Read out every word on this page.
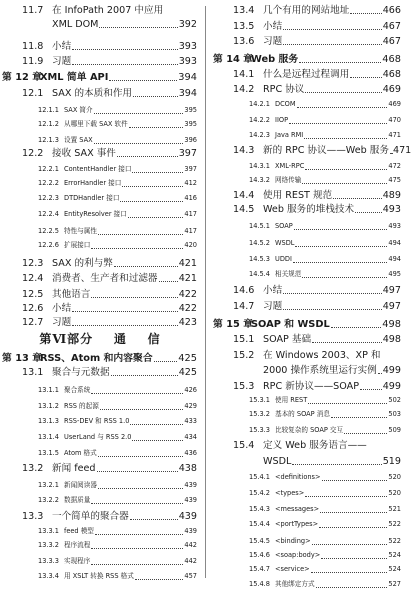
11.7 在 InfoPath 2007 中应用
XML DOM	392
11.8 小结	393
11.9 习题	393
第 12 章
XML 简单 API	394
12.1 SAX 的本质和作用	394
12.1.1 SAX 简介	395
12.1.2 从哪里下载 SAX 软件	395
12.1.3 设置 SAX	396
12.2 接收 SAX 事件	397
12.2.1 ContentHandler 接口	397
12.2.2 ErrorHandler 接口	412
12.2.3 DTDHandler 接口	416
12.2.4 EntityResolver 接口	417
12.2.5 特性与属性	417
12.2.6 扩展接口	420
12.3 SAX 的利与弊	421
12.4 消费者、生产者和过滤器 421
12.5 其他语言	422
12.6 小结	422
12.7 习题	423
第Ⅵ部分    通    信
第 13 章
RSS、Atom 和内容聚合	425
13.1 聚合与元数据	425
13.1.1 聚合系统	426
13.1.2 RSS 的起源	429
13.1.3 RSS-DEV 和 RSS 1.0	433
13.1.4 UserLand 与 RSS 2.0	434
13.1.5 Atom 格式	436
13.2 新闻 feed	438
13.2.1 新闻阅读器	439
13.2.2 数据质量	439
13.3 一个简单的聚合器	439
13.3.1 feed 模型	439
13.3.2 程序流程	442
13.3.3 实现程序	442
13.3.4 用 XSLT 转换 RSS 格式	457
13.4 几个有用的网站地址	466
13.5 小结	467
13.6 习题	467
第 14 章
Web 服务	468
14.1 什么是远程过程调用	468
14.2 RPC 协议	469
14.2.1 DCOM	469
14.2.2 IIOP	470
14.2.3 Java RMI	471
14.3 新的 RPC 协议——Web 服务 471
14.3.1 XML-RPC	472
14.3.2 网络传输	475
14.4 使用 REST 规范	489
14.5 Web 服务的堆栈技术	493
14.5.1 SOAP	493
14.5.2 WSDL	494
14.5.3 UDDI	494
14.5.4 相关规范	495
14.6 小结	497
14.7 习题	497
第 15 章
SOAP 和 WSDL	498
15.1 SOAP 基础	498
15.2 在 Windows 2003、XP 和
2000 操作系统里运行实例 499
15.3 RPC 新协议——SOAP 499
15.3.1 使用 REST	502
15.3.2 基本的 SOAP 消息	503
15.3.3 比较复杂的 SOAP 交互	509
15.4 定义 Web 服务语言——
WSDL	519
15.4.1 <definitions>	520
15.4.2 <types>	520
15.4.3 <messages>	521
15.4.4 <portTypes>	522
15.4.5 <binding>	522
15.4.6 <soap:body>	524
15.4.7 <service>	524
15.4.8 其他绑定方式	527
